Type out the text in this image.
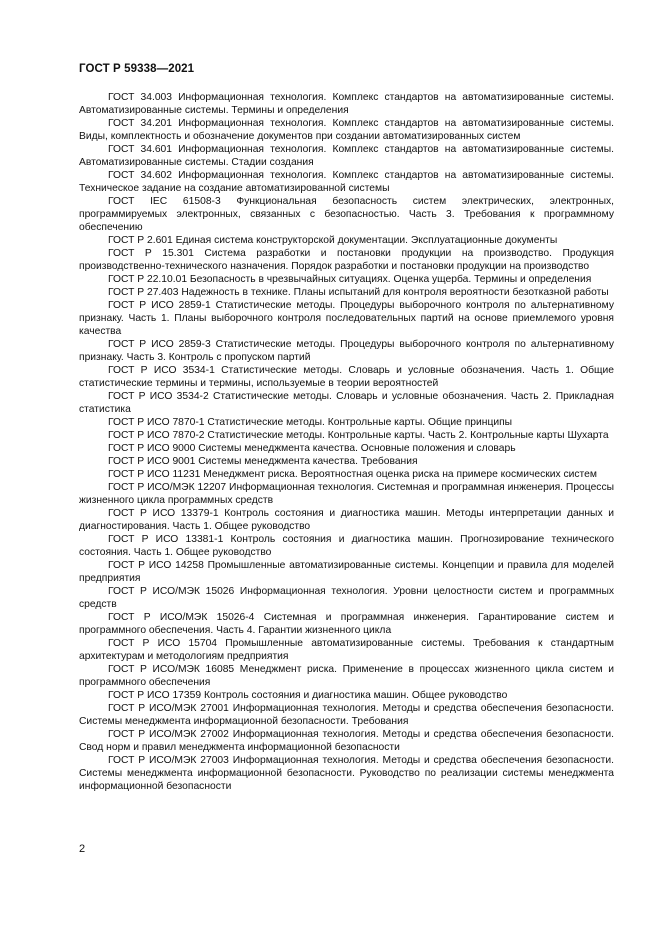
ГОСТ Р 59338—2021

ГОСТ 34.003 Информационная технология. Комплекс стандартов на автоматизированные системы. Автоматизированные системы. Термины и определения

ГОСТ 34.201 Информационная технология. Комплекс стандартов на автоматизированные системы. Виды, комплектность и обозначение документов при создании автоматизированных систем

ГОСТ 34.601 Информационная технология. Комплекс стандартов на автоматизированные системы. Автоматизированные системы. Стадии создания

ГОСТ 34.602 Информационная технология. Комплекс стандартов на автоматизированные системы. Техническое задание на создание автоматизированной системы

ГОСТ IEC 61508-3 Функциональная безопасность систем электрических, электронных, программируемых электронных, связанных с безопасностью. Часть 3. Требования к программному обеспечению

ГОСТ Р 2.601 Единая система конструкторской документации. Эксплуатационные документы

ГОСТ Р 15.301 Система разработки и постановки продукции на производство. Продукция производственно-технического назначения. Порядок разработки и постановки продукции на производство

ГОСТ Р 22.10.01 Безопасность в чрезвычайных ситуациях. Оценка ущерба. Термины и определения

ГОСТ Р 27.403 Надежность в технике. Планы испытаний для контроля вероятности безотказной работы

ГОСТ Р ИСО 2859-1 Статистические методы. Процедуры выборочного контроля по альтернативному признаку. Часть 1. Планы выборочного контроля последовательных партий на основе приемлемого уровня качества

ГОСТ Р ИСО 2859-3 Статистические методы. Процедуры выборочного контроля по альтернативному признаку. Часть 3. Контроль с пропуском партий

ГОСТ Р ИСО 3534-1 Статистические методы. Словарь и условные обозначения. Часть 1. Общие статистические термины и термины, используемые в теории вероятностей

ГОСТ Р ИСО 3534-2 Статистические методы. Словарь и условные обозначения. Часть 2. Прикладная статистика

ГОСТ Р ИСО 7870-1 Статистические методы. Контрольные карты. Общие принципы

ГОСТ Р ИСО 7870-2 Статистические методы. Контрольные карты. Часть 2. Контрольные карты Шухарта

ГОСТ Р ИСО 9000 Системы менеджмента качества. Основные положения и словарь

ГОСТ Р ИСО 9001 Системы менеджмента качества. Требования

ГОСТ Р ИСО 11231 Менеджмент риска. Вероятностная оценка риска на примере космических систем

ГОСТ Р ИСО/МЭК 12207 Информационная технология. Системная и программная инженерия. Процессы жизненного цикла программных средств

ГОСТ Р ИСО 13379-1 Контроль состояния и диагностика машин. Методы интерпретации данных и диагностирования. Часть 1. Общее руководство

ГОСТ Р ИСО 13381-1 Контроль состояния и диагностика машин. Прогнозирование технического состояния. Часть 1. Общее руководство

ГОСТ Р ИСО 14258 Промышленные автоматизированные системы. Концепции и правила для моделей предприятия

ГОСТ Р ИСО/МЭК 15026 Информационная технология. Уровни целостности систем и программных средств

ГОСТ Р ИСО/МЭК 15026-4 Системная и программная инженерия. Гарантирование систем и программного обеспечения. Часть 4. Гарантии жизненного цикла

ГОСТ Р ИСО 15704 Промышленные автоматизированные системы. Требования к стандартным архитектурам и методологиям предприятия

ГОСТ Р ИСО/МЭК 16085 Менеджмент риска. Применение в процессах жизненного цикла систем и программного обеспечения

ГОСТ Р ИСО 17359 Контроль состояния и диагностика машин. Общее руководство

ГОСТ Р ИСО/МЭК 27001 Информационная технология. Методы и средства обеспечения безопасности. Системы менеджмента информационной безопасности. Требования

ГОСТ Р ИСО/МЭК 27002 Информационная технология. Методы и средства обеспечения безопасности. Свод норм и правил менеджмента информационной безопасности

ГОСТ Р ИСО/МЭК 27003 Информационная технология. Методы и средства обеспечения безопасности. Системы менеджмента информационной безопасности. Руководство по реализации системы менеджмента информационной безопасности

2
